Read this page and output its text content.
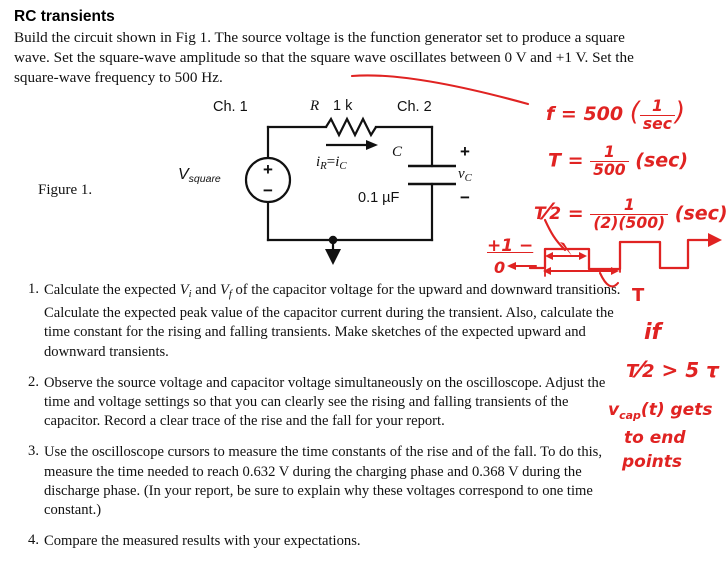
RC transients
Build the circuit shown in Fig 1. The source voltage is the function generator set to produce a square wave. Set the square-wave amplitude so that the square wave oscillates between 0 V and +1 V. Set the square-wave frequency to 500 Hz.
Figure 1.
Ch. 1	Ch. 2
R 1 k
$i_R=i_C$
Vsquare
+
−
C
0.1 µF
+
$v_C$
−
1. Calculate the expected $V_i$ and $V_f$ of the capacitor voltage for the upward and downward transitions. Calculate the expected peak value of the capacitor current during the transient. Also, calculate the time constant for the rising and falling transients. Make sketches of the expected upward and downward transients.
2. Observe the source voltage and capacitor voltage simultaneously on the oscilloscope. Adjust the time and voltage settings so that you can clearly see the rising and falling transients of the capacitor. Record a clear trace of the rise and the fall for your report.
3. Use the oscilloscope cursors to measure the time constants of the rise and of the fall. To do this, measure the time needed to reach 0.632 V during the charging phase and 0.368 V during the discharge phase. (In your report, be sure to explain why these voltages correspond to one time constant.)
4. Compare the measured results with your expectations.
f = 500 ( $\frac{1}{\sec}$ )
$T = \frac{1}{500} (\sec)$
T⁄2 = $\frac{1}{(2)(500)} (\sec)$
+1 −
0
T
if
T⁄2 > 5 τ
$v_{cap}(t)$ gets
to end
points
